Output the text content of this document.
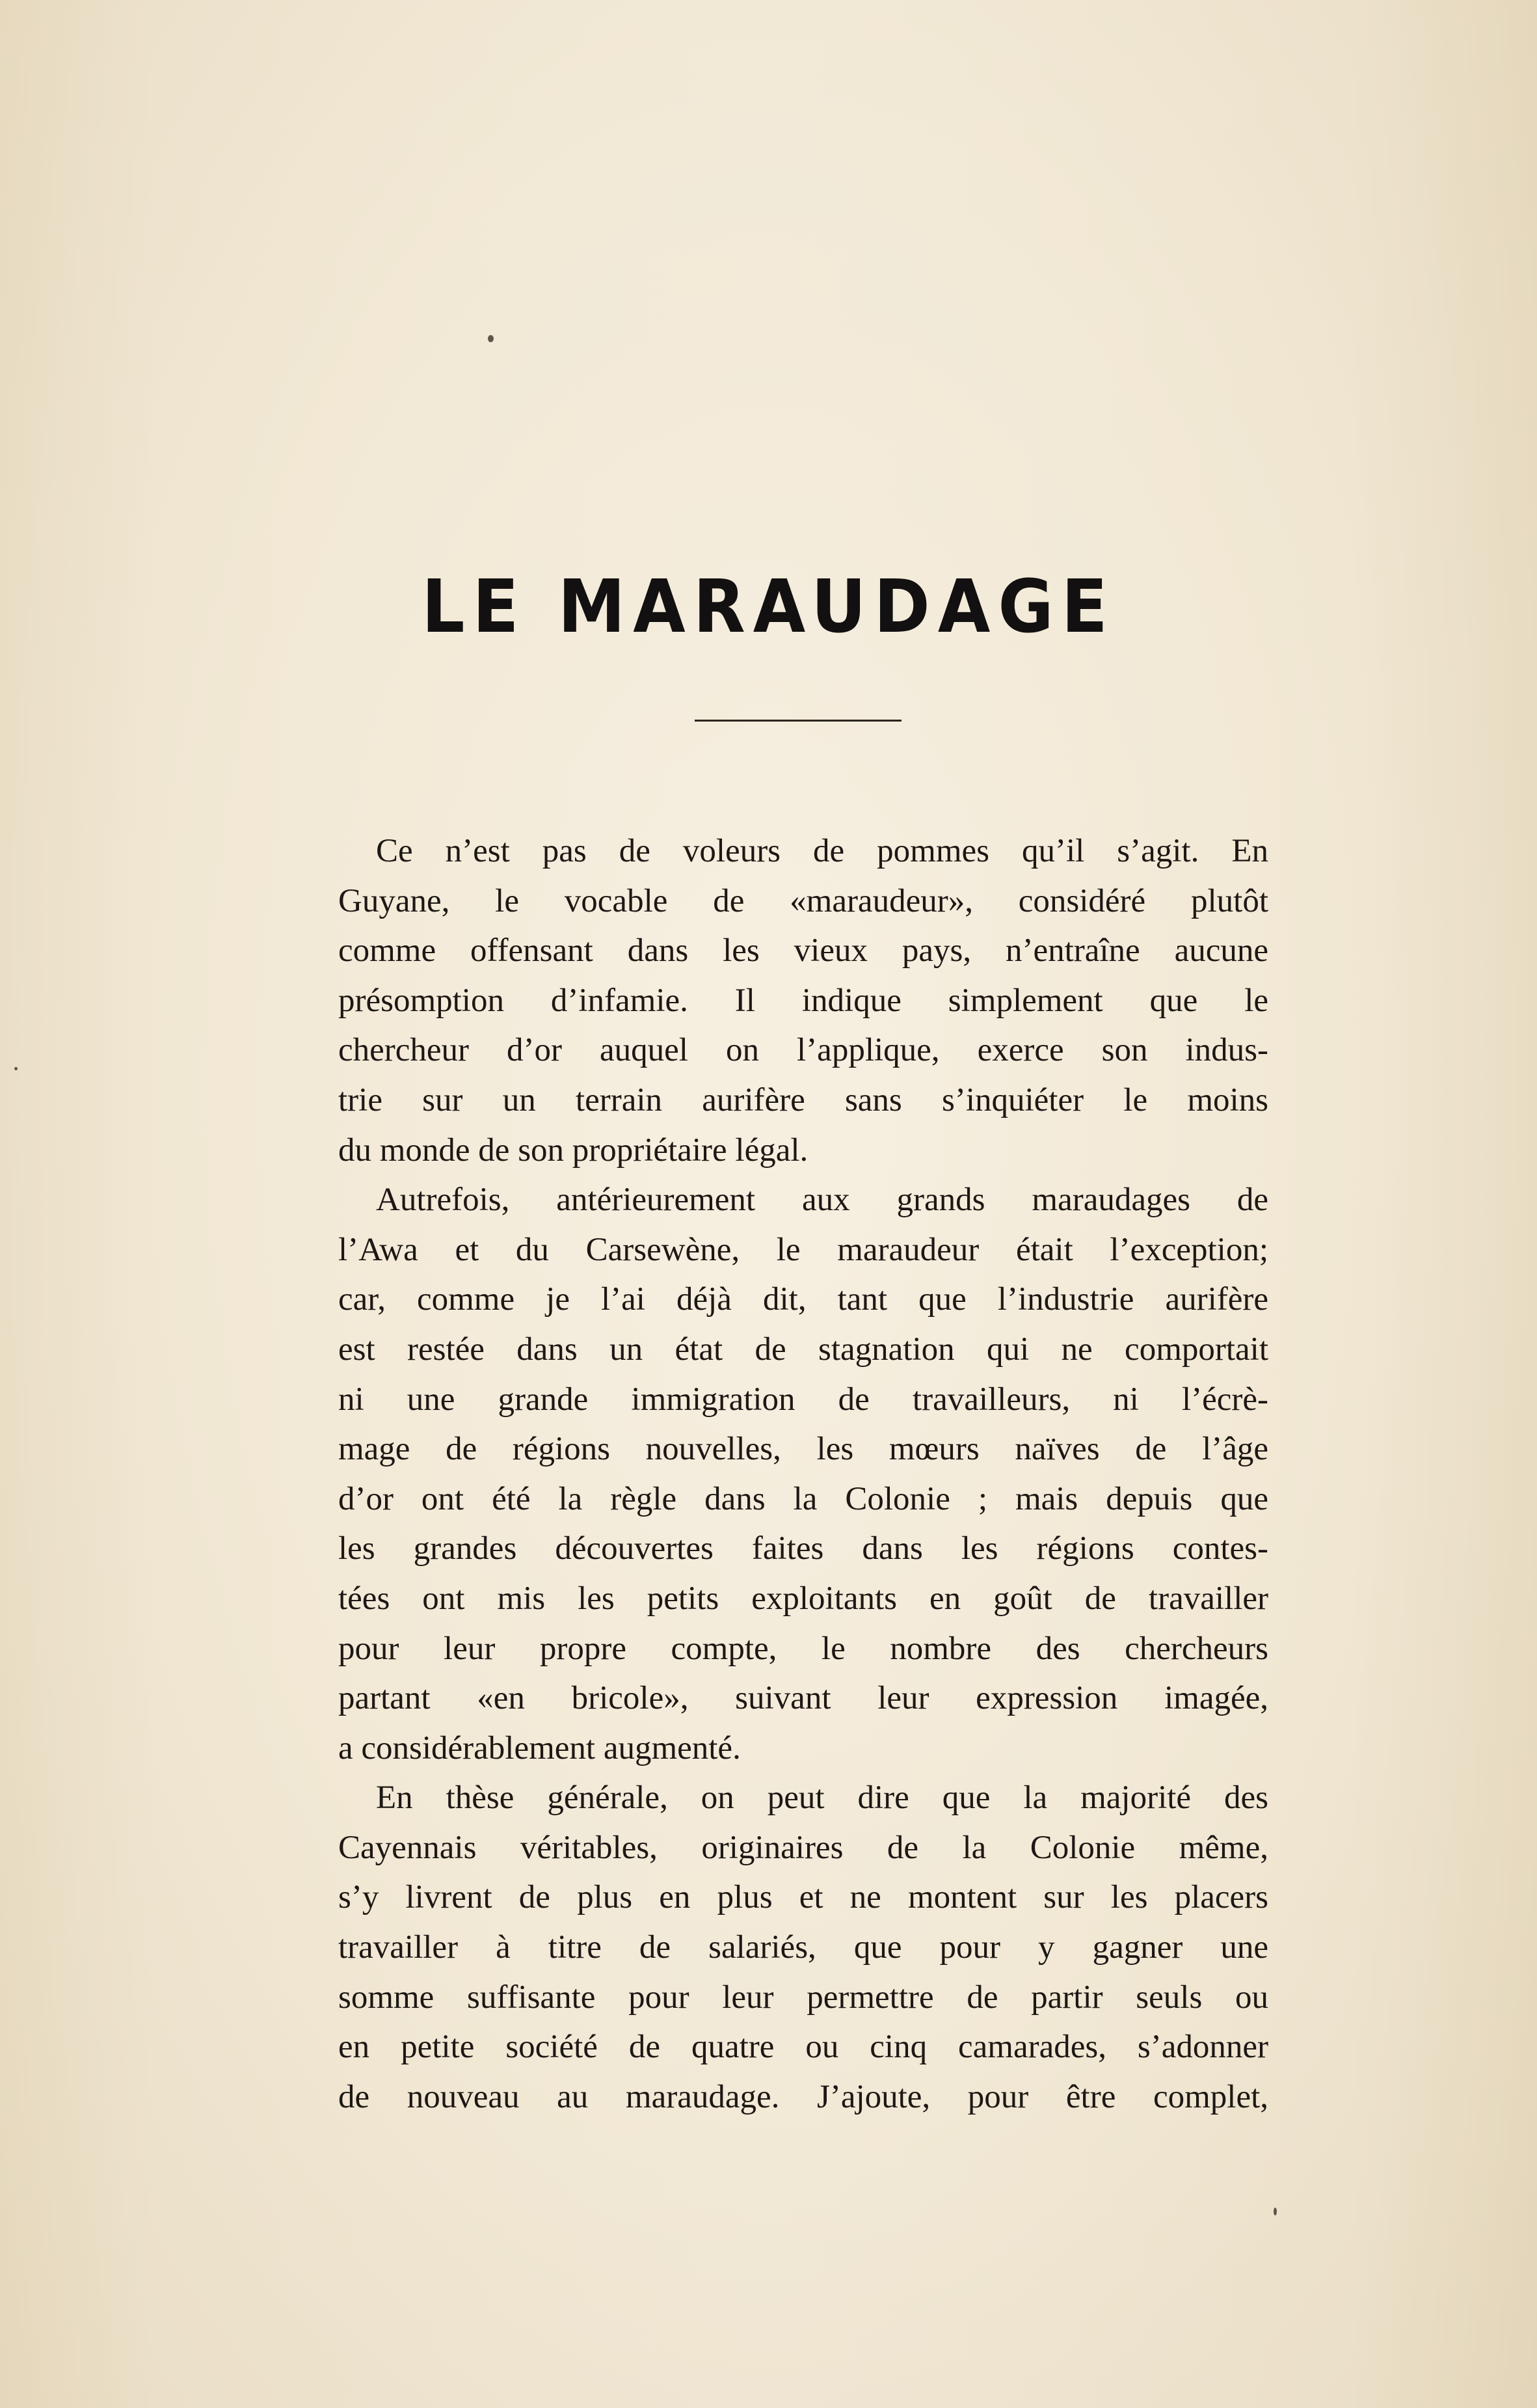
LE MARAUDAGE

Ce n’est pas de voleurs de pommes qu’il s’agit. En
Guyane, le vocable de «maraudeur», considéré plutôt
comme offensant dans les vieux pays, n’entraîne aucune
présomption d’infamie. Il indique simplement que le
chercheur d’or auquel on l’applique, exerce son indus-
trie sur un terrain aurifère sans s’inquiéter le moins
du monde de son propriétaire légal.

Autrefois, antérieurement aux grands maraudages de
l’Awa et du Carsewène, le maraudeur était l’exception;
car, comme je l’ai déjà dit, tant que l’industrie aurifère
est restée dans un état de stagnation qui ne comportait
ni une grande immigration de travailleurs, ni l’écrè-
mage de régions nouvelles, les mœurs naïves de l’âge
d’or ont été la règle dans la Colonie ; mais depuis que
les grandes découvertes faites dans les régions contes-
tées ont mis les petits exploitants en goût de travailler
pour leur propre compte, le nombre des chercheurs
partant «en bricole», suivant leur expression imagée,
a considérablement augmenté.

En thèse générale, on peut dire que la majorité des
Cayennais véritables, originaires de la Colonie même,
s’y livrent de plus en plus et ne montent sur les placers
travailler à titre de salariés, que pour y gagner une
somme suffisante pour leur permettre de partir seuls ou
en petite société de quatre ou cinq camarades, s’adonner
de nouveau au maraudage. J’ajoute, pour être complet,
